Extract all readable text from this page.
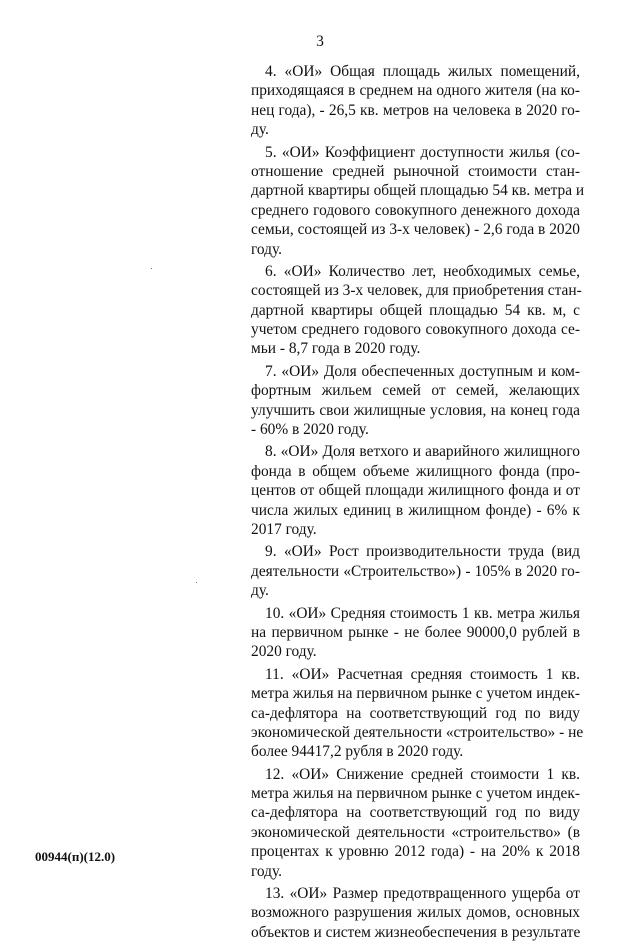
3
4. «ОИ» Общая площадь жилых помещений,
приходящаяся в среднем на одного жителя (на ко-
нец года), - 26,5 кв. метров на человека в 2020 го-
ду.
5. «ОИ» Коэффициент доступности жилья (со-
отношение средней рыночной стоимости стан-
дартной квартиры общей площадью 54 кв. метра и
среднего годового совокупного денежного дохода
семьи, состоящей из 3-х человек) - 2,6 года в 2020
году.
6. «ОИ» Количество лет, необходимых семье,
состоящей из 3-х человек, для приобретения стан-
дартной квартиры общей площадью 54 кв. м, с
учетом среднего годового совокупного дохода се-
мьи - 8,7 года в 2020 году.
7. «ОИ» Доля обеспеченных доступным и ком-
фортным жильем семей от семей, желающих
улучшить свои жилищные условия, на конец года
- 60% в 2020 году.
8. «ОИ» Доля ветхого и аварийного жилищного
фонда в общем объеме жилищного фонда (про-
центов от общей площади жилищного фонда и от
числа жилых единиц в жилищном фонде) - 6% к
2017 году.
9. «ОИ» Рост производительности труда (вид
деятельности «Строительство») - 105% в 2020 го-
ду.
10. «ОИ» Средняя стоимость 1 кв. метра жилья
на первичном рынке - не более 90000,0 рублей в
2020 году.
11. «ОИ» Расчетная средняя стоимость 1 кв.
метра жилья на первичном рынке с учетом индек-
са-дефлятора на соответствующий год по виду
экономической деятельности «строительство» - не
более 94417,2 рубля в 2020 году.
12. «ОИ» Снижение средней стоимости 1 кв.
метра жилья на первичном рынке с учетом индек-
са-дефлятора на соответствующий год по виду
экономической деятельности «строительство» (в
процентах к уровню 2012 года) - на 20% к 2018
году.
13. «ОИ» Размер предотвращенного ущерба от
возможного разрушения жилых домов, основных
объектов и систем жизнеобеспечения в результате
00944(п)(12.0)
